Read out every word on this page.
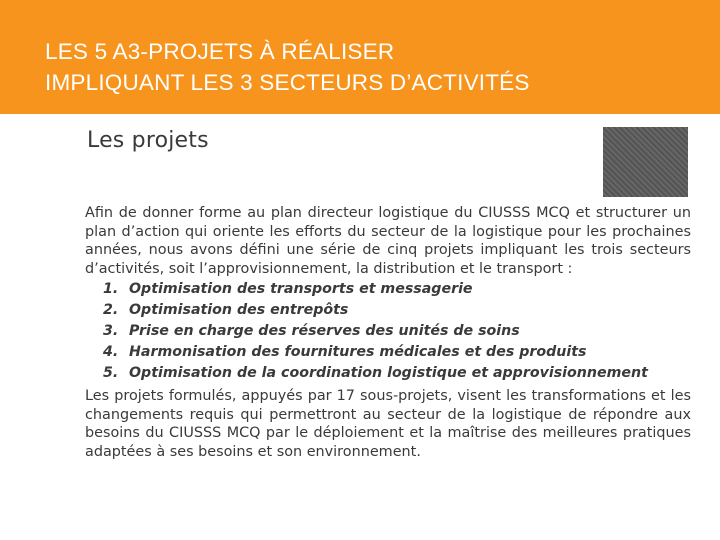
LES 5 A3-PROJETS À RÉALISER
IMPLIQUANT LES 3 SECTEURS D’ACTIVITÉS
Les projets

Afin de donner forme au plan directeur logistique du CIUSSS MCQ et structurer un plan d’action qui oriente les efforts du secteur de la logistique pour les prochaines années, nous avons défini une série de cinq projets impliquant les trois secteurs d’activités, soit l’approvisionnement, la distribution et le transport :

1. Optimisation des transports et messagerie
2. Optimisation des entrepôts
3. Prise en charge des réserves des unités de soins
4. Harmonisation des fournitures médicales et des produits
5. Optimisation de la coordination logistique et approvisionnement

Les projets formulés, appuyés par 17 sous-projets, visent les transformations et les changements requis qui permettront au secteur de la logistique de répondre aux besoins du CIUSSS MCQ par le déploiement et la maîtrise des meilleures pratiques adaptées à ses besoins et son environnement.
